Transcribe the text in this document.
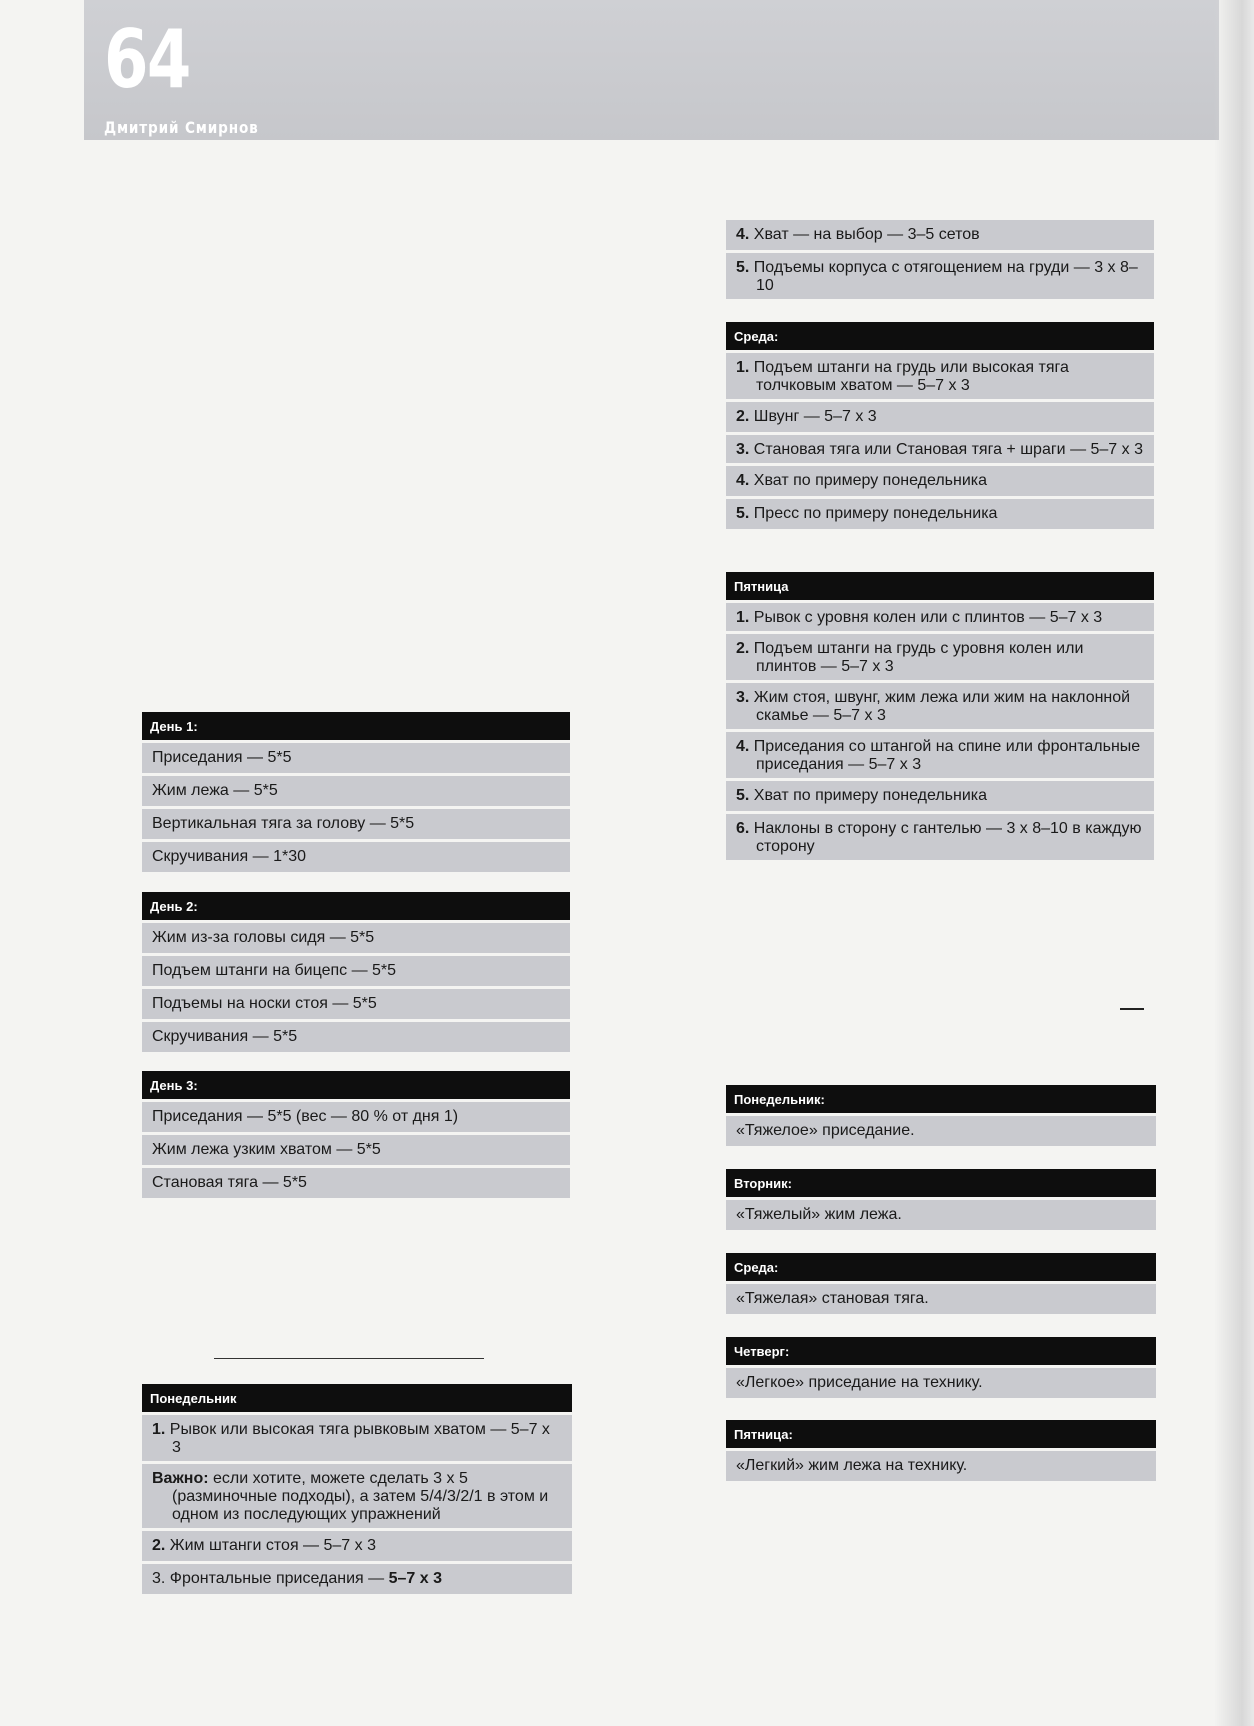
64
Дмитрий Смирнов
День 1:
Приседания — 5*5
Жим лежа — 5*5
Вертикальная тяга за голову — 5*5
Скручивания — 1*30
День 2:
Жим из-за головы сидя — 5*5
Подъем штанги на бицепс — 5*5
Подъемы на носки стоя — 5*5
Скручивания — 5*5
День 3:
Приседания — 5*5 (вес — 80 % от дня 1)
Жим лежа узким хватом — 5*5
Становая тяга — 5*5
Понедельник
1. Рывок или высокая тяга рывковым хватом — 5–7 x 3
Важно: если хотите, можете сделать 3 x 5 (разминочные подходы), а затем 5/4/3/2/1 в этом и одном из последующих упражнений
2. Жим штанги стоя — 5–7 x 3
3. Фронтальные приседания — 5–7 x 3
4. Хват — на выбор — 3–5 сетов
5. Подъемы корпуса с отягощением на груди — 3 x 8–10
Среда:
1. Подъем штанги на грудь или высокая тяга толчковым хватом — 5–7 x 3
2. Швунг — 5–7 x 3
3. Становая тяга или Становая тяга + шраги — 5–7 x 3
4. Хват по примеру понедельника
5. Пресс по примеру понедельника
Пятница
1. Рывок с уровня колен или с плинтов — 5–7 x 3
2. Подъем штанги на грудь с уровня колен или плинтов — 5–7 x 3
3. Жим стоя, швунг, жим лежа или жим на наклонной скамье — 5–7 x 3
4. Приседания со штангой на спине или фронтальные приседания — 5–7 x 3
5. Хват по примеру понедельника
6. Наклоны в сторону с гантелью — 3 x 8–10 в каждую сторону
Понедельник:
«Тяжелое» приседание.
Вторник:
«Тяжелый» жим лежа.
Среда:
«Тяжелая» становая тяга.
Четверг:
«Легкое» приседание на технику.
Пятница:
«Легкий» жим лежа на технику.
